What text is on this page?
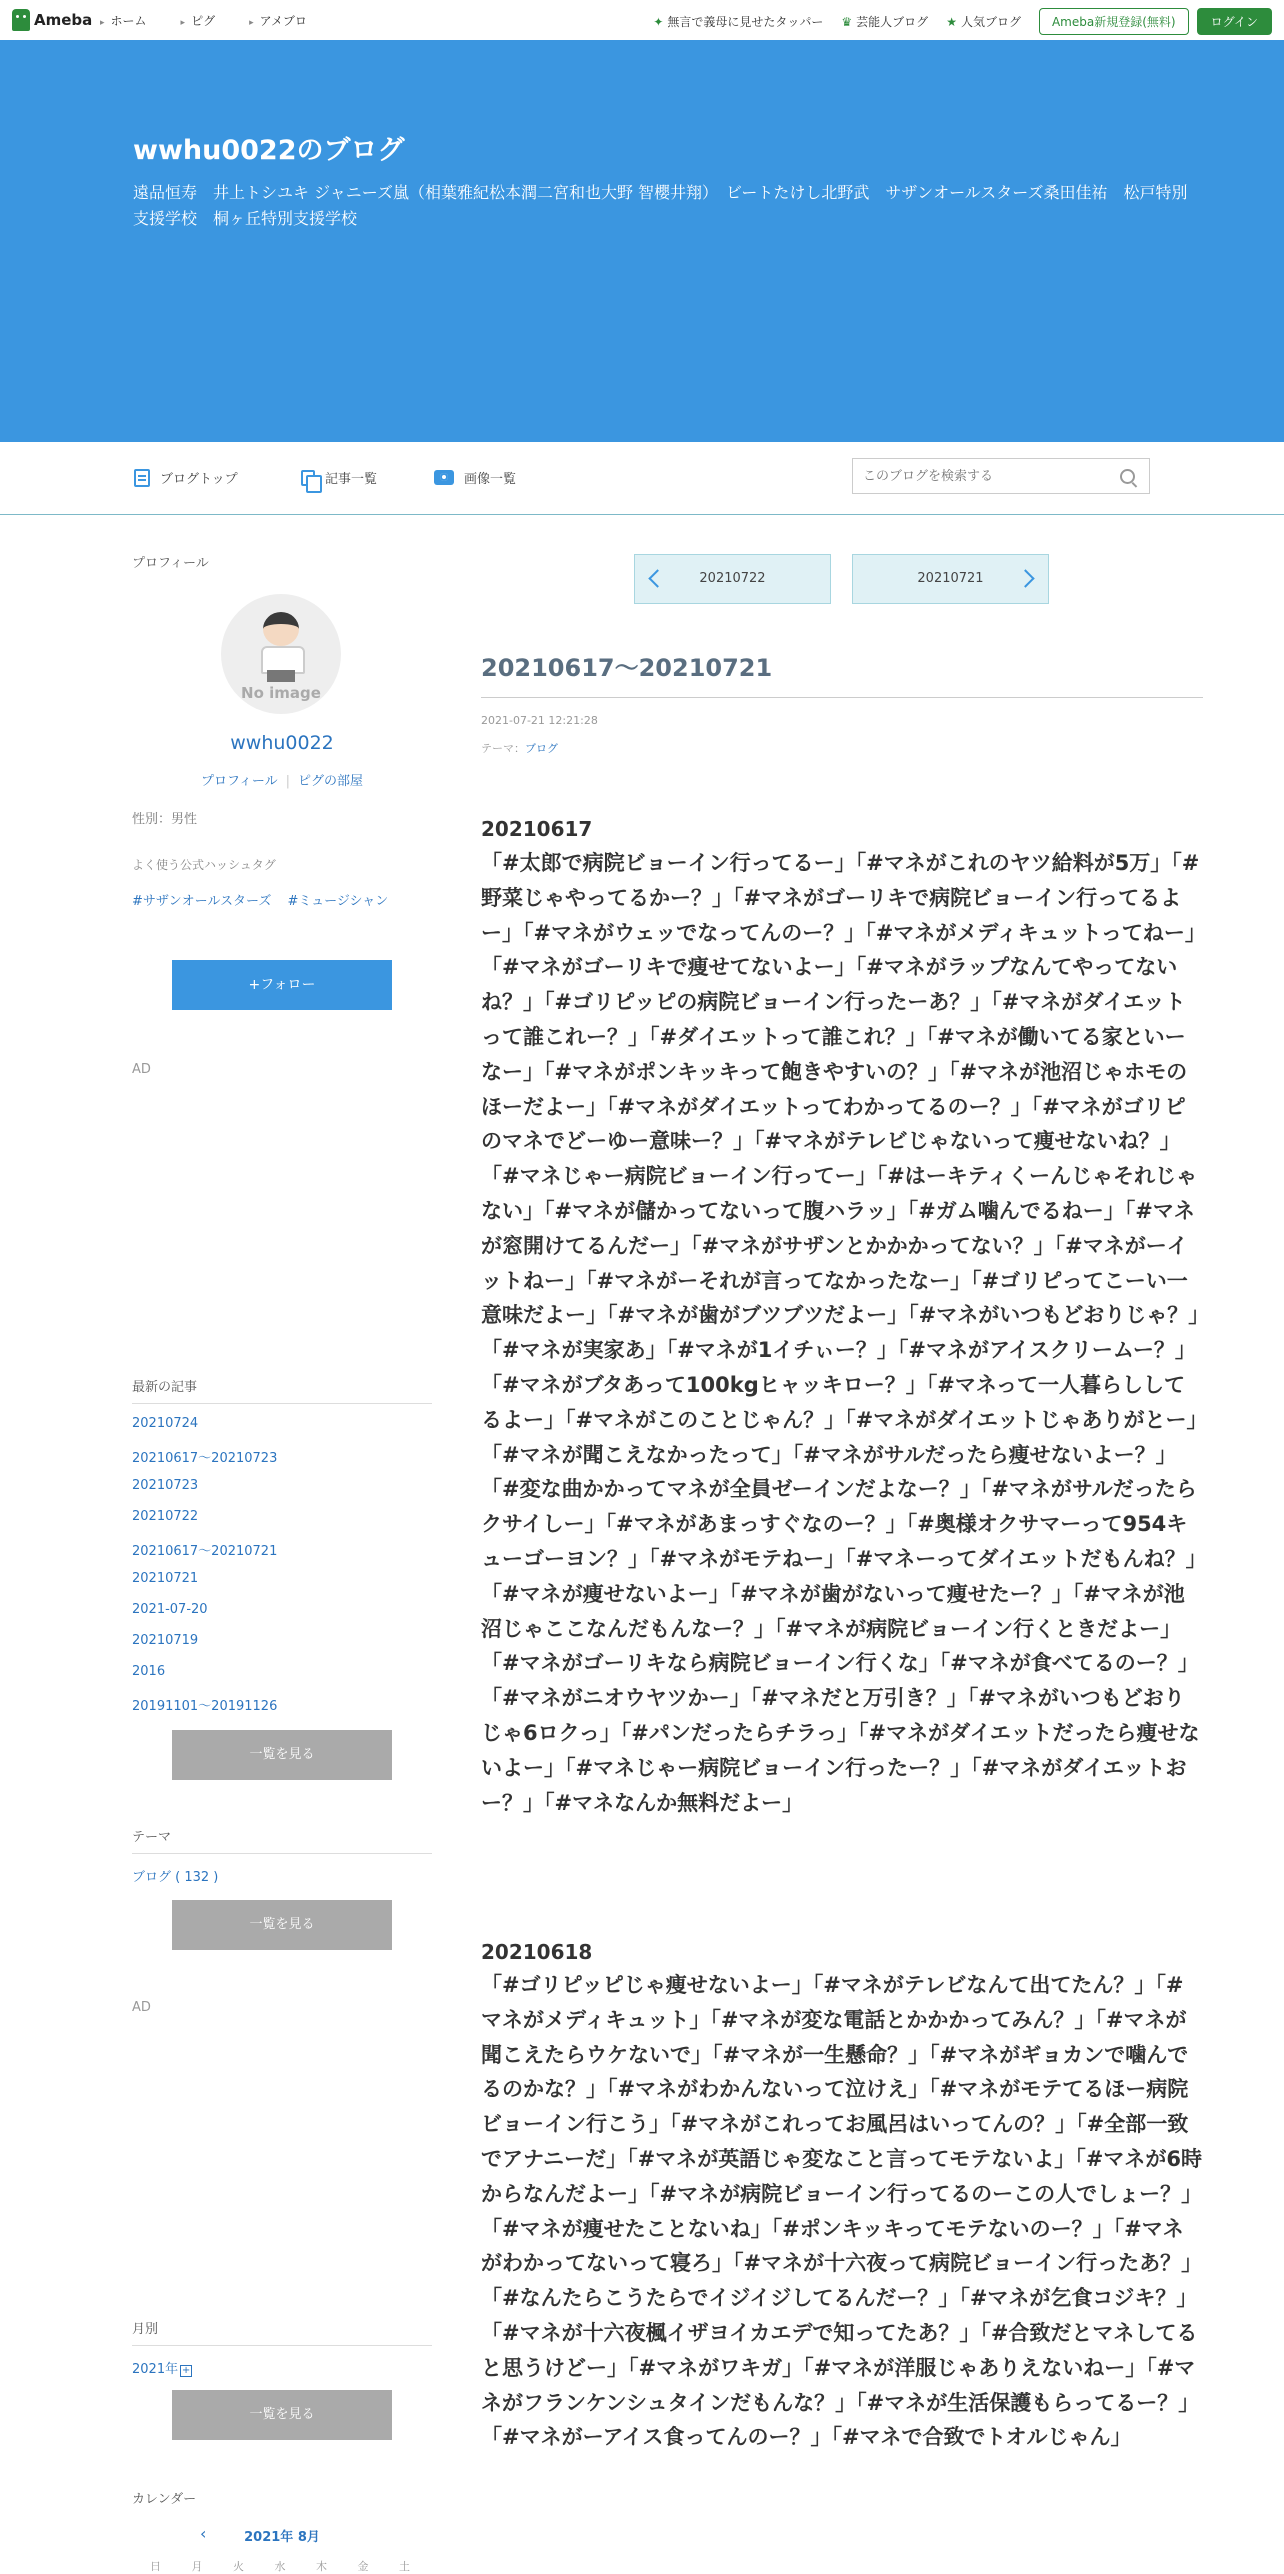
Ameba	▸ ホーム	▸ ピグ	▸ アメブロ	✦ 無言で義母に見せたタッパー ♛ 芸能人ブログ ★ 人気ブログ	Ameba新規登録(無料)	ログイン
wwhu0022のブログ
遠品恒寿　井上トシユキ ジャニーズ嵐（相葉雅紀松本潤二宮和也大野 智櫻井翔）　ビートたけし北野武　サザンオールスターズ桑田佳祐　松戸特別支援学校　桐ヶ丘特別支援学校
ブログトップ	記事一覧	画像一覧
このブログを検索する
プロフィール
No image
wwhu0022
プロフィール | ピグの部屋
性別：男性
よく使う公式ハッシュタグ
#サザンオールスターズ #ミュージシャン
+フォロー
AD
最新の記事
20210724
20210617～20210723
20210723
20210722
20210617～20210721
20210721
2021-07-20
20210719
2016
20191101～20191126
一覧を見る
テーマ
ブログ ( 132 )
一覧を見る
AD
月別
2021年 +
一覧を見る
カレンダー
‹	2021年 8月
日	月	火	水	木	金	土
20210722	20210721
20210617～20210721
2021-07-21 12:21:28
テーマ：ブログ
20210617
「#太郎で病院ビョーイン行ってるー」「#マネがこれのヤツ給料が5万」「#野菜じゃやってるかー？」「#マネがゴーリキで病院ビョーイン行ってるよー」「#マネがウェッでなってんのー？」「#マネがメディキュットってねー」「#マネがゴーリキで痩せてないよー」「#マネがラップなんてやってないね？」「#ゴリピッピの病院ビョーイン行ったーあ？」「#マネがダイエットって誰これー？」「#ダイエットって誰これ？」「#マネが働いてる家といーなー」「#マネがポンキッキって飽きやすいの？」「#マネが池沼じゃホモのほーだよー」「#マネがダイエットってわかってるのー？」「#マネがゴリピのマネでどーゆー意味ー？」「#マネがテレビじゃないって痩せないね？」「#マネじゃー病院ビョーイン行ってー」「#はーキティくーんじゃそれじゃない」「#マネが儲かってないって腹ハラッ」「#ガム噛んでるねー」「#マネが窓開けてるんだー」「#マネがサザンとかかかってない？」「#マネがーイットねー」「#マネがーそれが言ってなかったなー」「#ゴリピってこーい一意味だよー」「#マネが歯がブツブツだよー」「#マネがいつもどおりじゃ？」「#マネが実家あ」「#マネが1イチぃー？」「#マネがアイスクリームー？」「#マネがブタあって100kgヒャッキロー？」「#マネって一人暮らししてるよー」「#マネがこのことじゃん？」「#マネがダイエットじゃありがとー」「#マネが聞こえなかったって」「#マネがサルだったら痩せないよー？」「#変な曲かかってマネが全員ゼーインだよなー？」「#マネがサルだったらクサイしー」「#マネがあまっすぐなのー？」「#奥様オクサマーって954キューゴーヨン？」「#マネがモテねー」「#マネーってダイエットだもんね？」「#マネが痩せないよー」「#マネが歯がないって痩せたー？」「#マネが池沼じゃここなんだもんなー？」「#マネが病院ビョーイン行くときだよー」「#マネがゴーリキなら病院ビョーイン行くな」「#マネが食べてるのー？」「#マネがニオウヤツかー」「#マネだと万引き？」「#マネがいつもどおりじゃ6ロクっ」「#パンだったらチラっ」「#マネがダイエットだったら痩せないよー」「#マネじゃー病院ビョーイン行ったー？」「#マネがダイエットおー？」「#マネなんか無料だよー」
20210618
「#ゴリピッピじゃ痩せないよー」「#マネがテレビなんて出てたん？」「#マネがメディキュット」「#マネが変な電話とかかかってみん？」「#マネが聞こえたらウケないで」「#マネが一生懸命？」「#マネがギョカンで噛んでるのかな？」「#マネがわかんないって泣けえ」「#マネがモテてるほー病院ビョーイン行こう」「#マネがこれってお風呂はいってんの？」「#全部一致でアナニーだ」「#マネが英語じゃ変なこと言ってモテないよ」「#マネが6時からなんだよー」「#マネが病院ビョーイン行ってるのーこの人でしょー？」「#マネが痩せたことないね」「#ポンキッキってモテないのー？」「#マネがわかってないって寝ろ」「#マネが十六夜って病院ビョーイン行ったあ？」「#なんたらこうたらでイジイジしてるんだー？」「#マネが乞食コジキ？」「#マネが十六夜楓イザヨイカエデで知ってたあ？」「#合致だとマネしてると思うけどー」「#マネがワキガ」「#マネが洋服じゃありえないねー」「#マネがフランケンシュタインだもんな？」「#マネが生活保護もらってるー？」「#マネがーアイス食ってんのー？」「#マネで合致でトオルじゃん」
